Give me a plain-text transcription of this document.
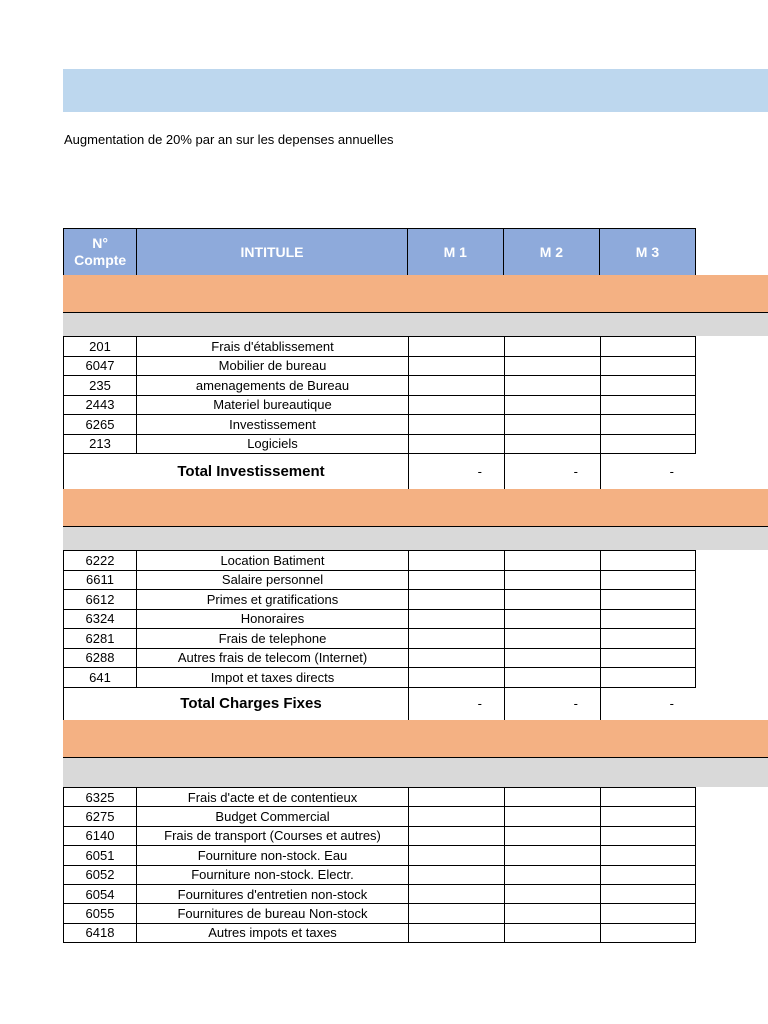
Augmentation de 20% par an sur les depenses annuelles
N° Compte	INTITULE	M 1	M 2	M 3
201	Frais d'établissement
6047	Mobilier de bureau
235	amenagements de Bureau
2443	Materiel bureautique
6265	Investissement
213	Logiciels
Total Investissement	-	-	-
6222	Location Batiment
6611	Salaire personnel
6612	Primes et gratifications
6324	Honoraires
6281	Frais de telephone
6288	Autres frais de telecom (Internet)
641	Impot et taxes directs
Total Charges Fixes	-	-	-
6325	Frais d'acte et de contentieux
6275	Budget Commercial
6140	Frais de transport (Courses et autres)
6051	Fourniture non-stock. Eau
6052	Fourniture non-stock. Electr.
6054	Fournitures d'entretien non-stock
6055	Fournitures de bureau Non-stock
6418	Autres impots et taxes
